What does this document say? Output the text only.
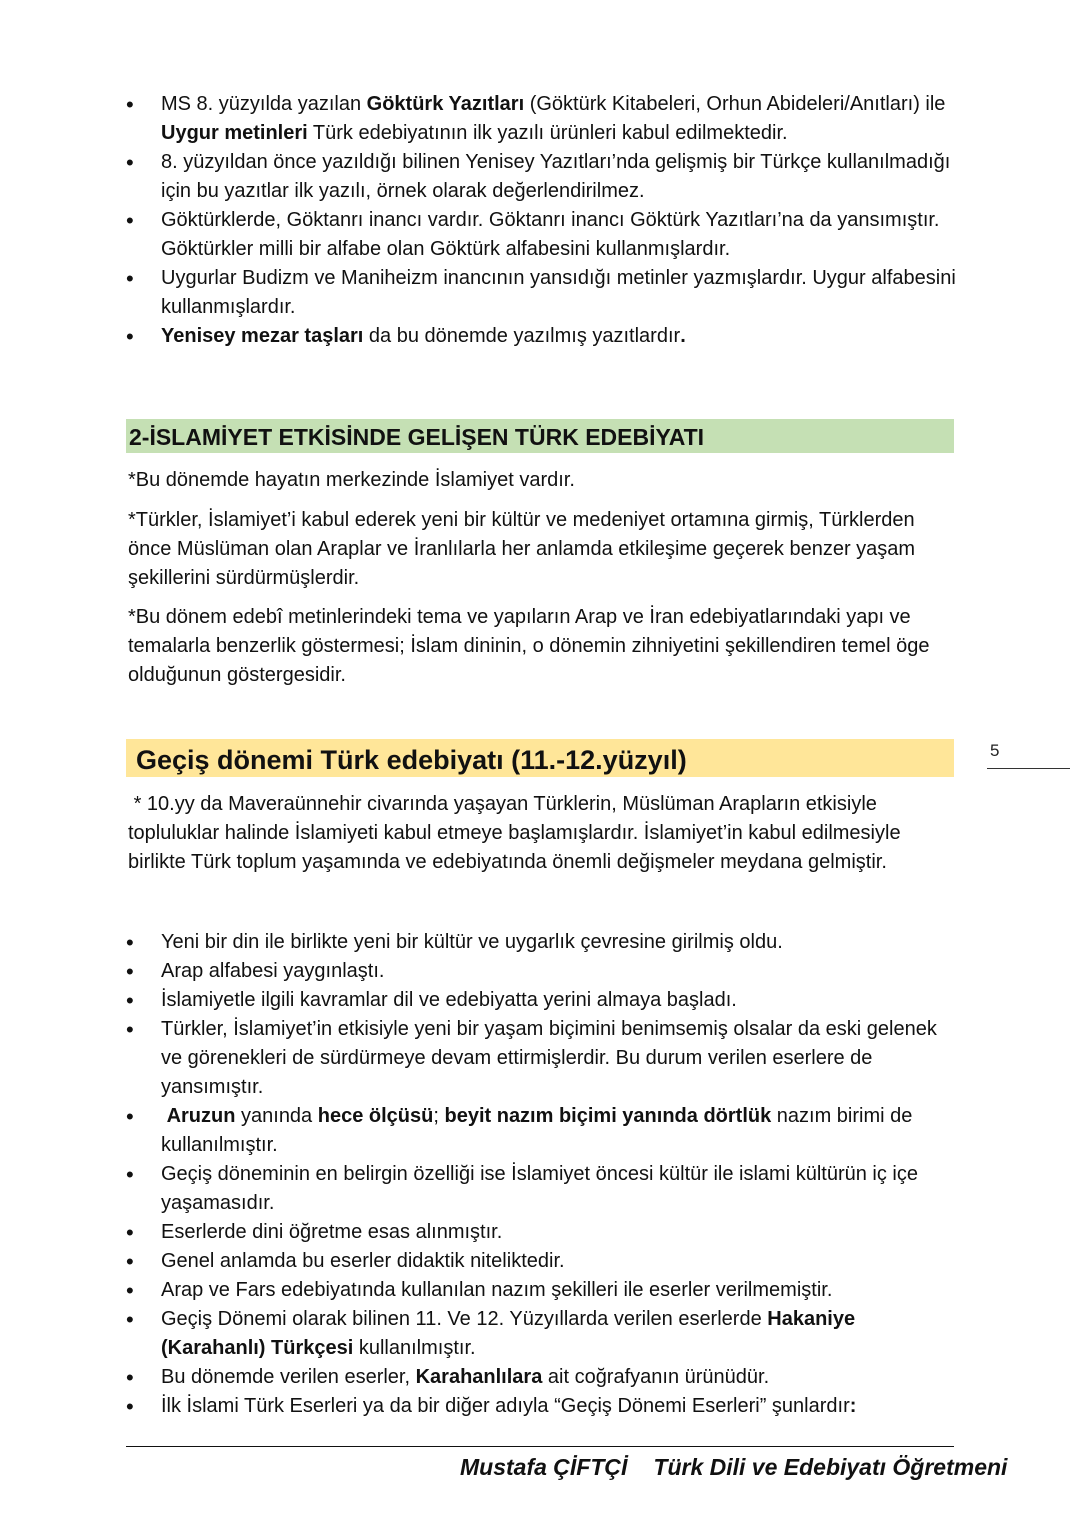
• MS 8. yüzyılda yazılan Göktürk Yazıtları (Göktürk Kitabeleri, Orhun Abideleri/Anıtları) ile Uygur metinleri Türk edebiyatının ilk yazılı ürünleri kabul edilmektedir.
• 8. yüzyıldan önce yazıldığı bilinen Yenisey Yazıtları’nda gelişmiş bir Türkçe kullanılmadığı için bu yazıtlar ilk yazılı, örnek olarak değerlendirilmez.
• Göktürklerde, Göktanrı inancı vardır. Göktanrı inancı Göktürk Yazıtları’na da yansımıştır. Göktürkler milli bir alfabe olan Göktürk alfabesini kullanmışlardır.
• Uygurlar Budizm ve Maniheizm inancının yansıdığı metinler yazmışlardır. Uygur alfabesini kullanmışlardır.
• Yenisey mezar taşları da bu dönemde yazılmış yazıtlardır.
2-İSLAMİYET ETKİSİNDE GELİŞEN TÜRK EDEBİYATI

*Bu dönemde hayatın merkezinde İslamiyet vardır.

*Türkler, İslamiyet’i kabul ederek yeni bir kültür ve medeniyet ortamına girmiş, Türklerden önce Müslüman olan Araplar ve İranlılarla her anlamda etkileşime geçerek benzer yaşam şekillerini sürdürmüşlerdir.

*Bu dönem edebî metinlerindeki tema ve yapıların Arap ve İran edebiyatlarındaki yapı ve temalarla benzerlik göstermesi; İslam dininin, o dönemin zihniyetini şekillendiren temel öge olduğunun göstergesidir.

5
Geçiş dönemi Türk edebiyatı (11.-12.yüzyıl)

* 10.yy da Maveraünnehir civarında yaşayan Türklerin, Müslüman Arapların etkisiyle topluluklar halinde İslamiyeti kabul etmeye başlamışlardır. İslamiyet’in kabul edilmesiyle birlikte Türk toplum yaşamında ve edebiyatında önemli değişmeler meydana gelmiştir.

• Yeni bir din ile birlikte yeni bir kültür ve uygarlık çevresine girilmiş oldu.
• Arap alfabesi yaygınlaştı.
• İslamiyetle ilgili kavramlar dil ve edebiyatta yerini almaya başladı.
• Türkler, İslamiyet’in etkisiyle yeni bir yaşam biçimini benimsemiş olsalar da eski gelenek ve görenekleri de sürdürmeye devam ettirmişlerdir. Bu durum verilen eserlere de yansımıştır.
• Aruzun yanında hece ölçüsü; beyit nazım biçimi yanında dörtlük nazım birimi de kullanılmıştır.
• Geçiş döneminin en belirgin özelliği ise İslamiyet öncesi kültür ile islami kültürün iç içe yaşamasıdır.
• Eserlerde dini öğretme esas alınmıştır.
• Genel anlamda bu eserler didaktik niteliktedir.
• Arap ve Fars edebiyatında kullanılan nazım şekilleri ile eserler verilmemiştir.
• Geçiş Dönemi olarak bilinen 11. Ve 12. Yüzyıllarda verilen eserlerde Hakaniye (Karahanlı) Türkçesi kullanılmıştır.
• Bu dönemde verilen eserler, Karahanlılara ait coğrafyanın ürünüdür.
• İlk İslami Türk Eserleri ya da bir diğer adıyla “Geçiş Dönemi Eserleri” şunlardır:
Mustafa ÇİFTÇİ Türk Dili ve Edebiyatı Öğretmeni
